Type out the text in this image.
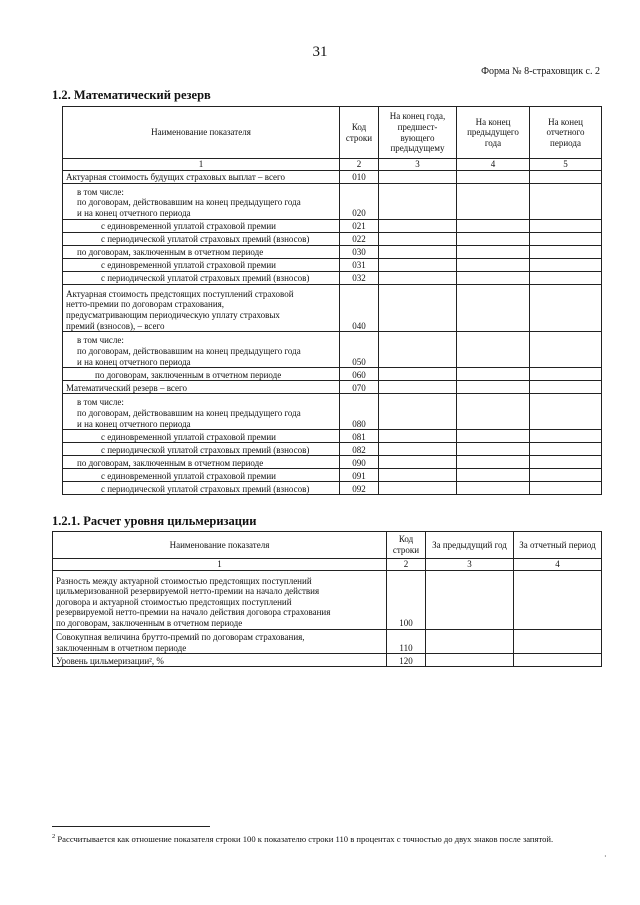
31
Форма № 8-страховщик с. 2
1.2. Математический резерв
Наименование показателя	Код строки	На конец года, предшест- вующего предыдущему	На конец предыдущего года	На конец отчетного периода
1	2	3	4	5

Актуарная стоимость будущих страховых выплат – всего	010			

в том числе:
по договорам, действовавшим на конец предыдущего года
и на конец отчетного периода	020			

с единовременной уплатой страховой премии	021			

с периодической уплатой страховых премий (взносов)	022			

по договорам, заключенным в отчетном периоде	030			

с единовременной уплатой страховой премии	031			

с периодической уплатой страховых премий (взносов)	032			

Актуарная стоимость предстоящих поступлений страховой
нетто-премии по договорам страхования,
предусматривающим периодическую уплату страховых
премий (взносов), – всего	040			

в том числе:
по договорам, действовавшим на конец предыдущего года
и на конец отчетного периода	050			

по договорам, заключенным в отчетном периоде	060			

Математический резерв – всего	070			

в том числе:
по договорам, действовавшим на конец предыдущего года
и на конец отчетного периода	080			

с единовременной уплатой страховой премии	081			

с периодической уплатой страховых премий (взносов)	082			

по договорам, заключенным в отчетном периоде	090			

с единовременной уплатой страховой премии	091			

с периодической уплатой страховых премий (взносов)	092			
1.2.1. Расчет уровня цильмеризации
Наименование показателя	Код строки	За предыдущий год	За отчетный период
1	2	3	4

Разность между актуарной стоимостью предстоящих поступлений
цильмеризованной резервируемой нетто-премии на начало действия
договора и актуарной стоимостью предстоящих поступлений
резервируемой нетто-премии на начало действия договора страхования
по договорам, заключенным в отчетном периоде	100		

Совокупная величина брутто-премий по договорам страхования,
заключенным в отчетном периоде	110		

Уровень цильмеризации², %	120		
$^2$ Рассчитывается как отношение показателя строки 100 к показателю строки 110 в процентах с точностью до двух знаков после запятой.
·
